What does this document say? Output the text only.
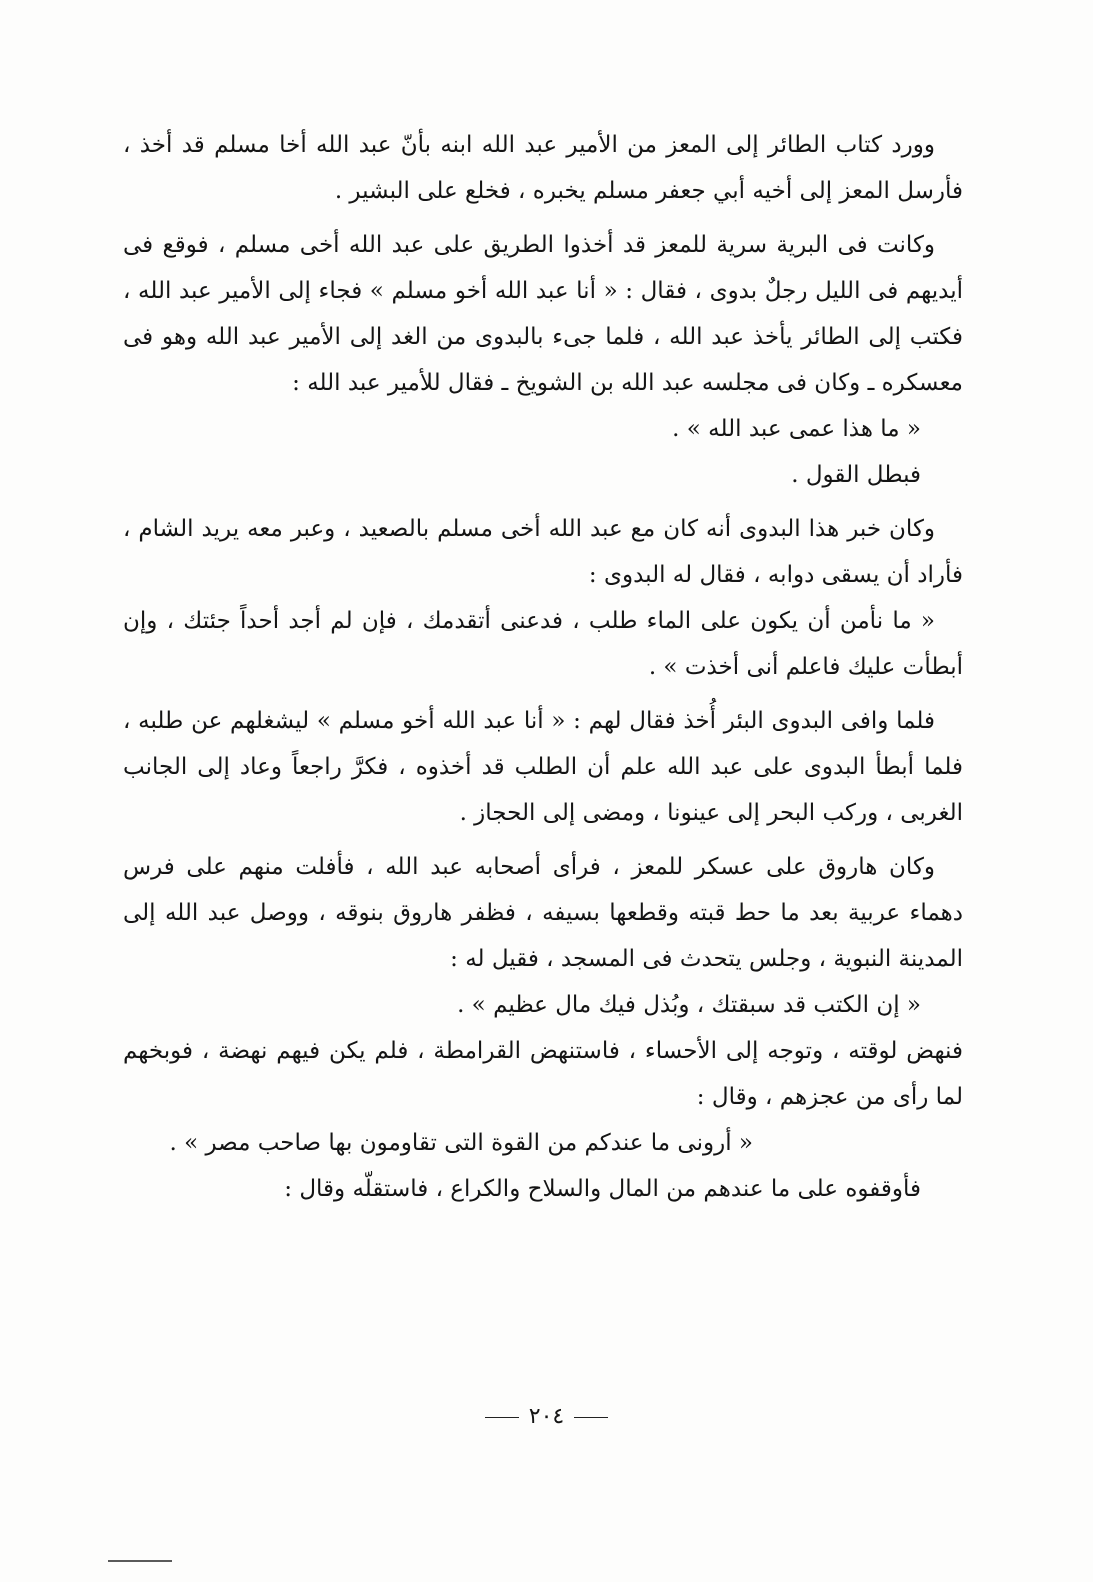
وورد كتاب الطائر إلى المعز من الأمير عبد الله ابنه بأنّ عبد الله أخا مسلم قد أخذ ، فأرسل المعز إلى أخيه أبي جعفر مسلم يخبره ، فخلع على البشير .

وكانت فى البرية سرية للمعز قد أخذوا الطريق على عبد الله أخى مسلم ، فوقع فى أيديهم فى الليل رجلٌ بدوى ، فقال : « أنا عبد الله أخو مسلم » فجاء إلى الأمير عبد الله ، فكتب إلى الطائر يأخذ عبد الله ، فلما جىء بالبدوى من الغد إلى الأمير عبد الله وهو فى معسكره ـ وكان فى مجلسه عبد الله بن الشويخ ـ فقال للأمير عبد الله :

« ما هذا عمى عبد الله » .

فبطل القول .

وكان خبر هذا البدوى أنه كان مع عبد الله أخى مسلم بالصعيد ، وعبر معه يريد الشام ، فأراد أن يسقى دوابه ، فقال له البدوى :

« ما نأمن أن يكون على الماء طلب ، فدعنى أتقدمك ، فإن لم أجد أحداً جئتك ، وإن أبطأت عليك فاعلم أنى أخذت » .

فلما وافى البدوى البئر أُخذ فقال لهم : « أنا عبد الله أخو مسلم » ليشغلهم عن طلبه ، فلما أبطأ البدوى على عبد الله علم أن الطلب قد أخذوه ، فكرَّ راجعاً وعاد إلى الجانب الغربى ، وركب البحر إلى عينونا ، ومضى إلى الحجاز .

وكان هاروق على عسكر للمعز ، فرأى أصحابه عبد الله ، فأفلت منهم على فرس دهماء عربية بعد ما حط قبته وقطعها بسيفه ، فظفر هاروق بنوقه ، ووصل عبد الله إلى المدينة النبوية ، وجلس يتحدث فى المسجد ، فقيل له :

« إن الكتب قد سبقتك ، وبُذل فيك مال عظيم » .

فنهض لوقته ، وتوجه إلى الأحساء ، فاستنهض القرامطة ، فلم يكن فيهم نهضة ، فوبخهم لما رأى من عجزهم ، وقال :

« أرونى ما عندكم من القوة التى تقاومون بها صاحب مصر » .

فأوقفوه على ما عندهم من المال والسلاح والكراع ، فاستقلّه وقال :

٢٠٤
